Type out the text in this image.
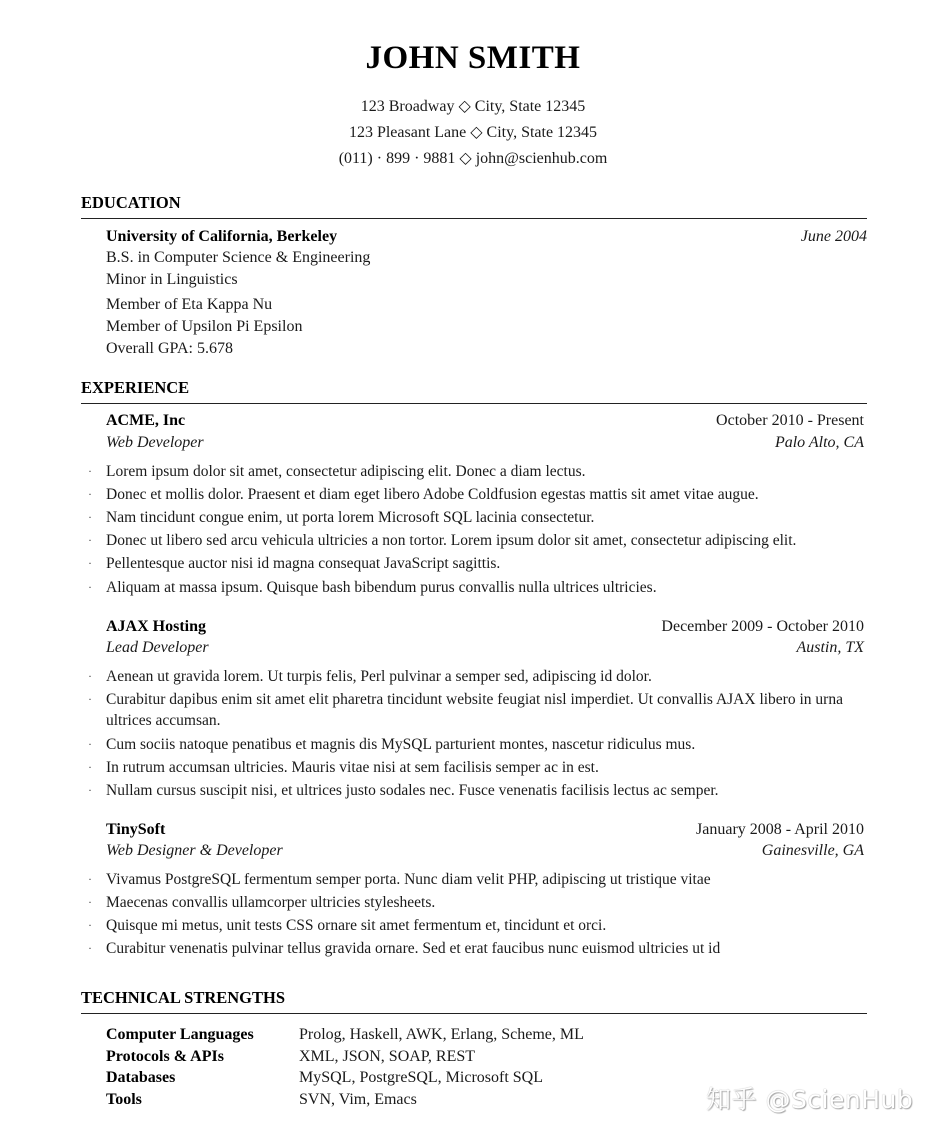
JOHN SMITH
123 Broadway ◇ City, State 12345
123 Pleasant Lane ◇ City, State 12345
(011) · 899 · 9881 ◇ john@scienhub.com
EDUCATION
University of California, Berkeley	June 2004
B.S. in Computer Science & Engineering
Minor in Linguistics
Member of Eta Kappa Nu
Member of Upsilon Pi Epsilon
Overall GPA: 5.678
EXPERIENCE
ACME, Inc	October 2010 - Present
Web Developer	Palo Alto, CA
· Lorem ipsum dolor sit amet, consectetur adipiscing elit. Donec a diam lectus.
· Donec et mollis dolor. Praesent et diam eget libero Adobe Coldfusion egestas mattis sit amet vitae augue.
· Nam tincidunt congue enim, ut porta lorem Microsoft SQL lacinia consectetur.
· Donec ut libero sed arcu vehicula ultricies a non tortor. Lorem ipsum dolor sit amet, consectetur adipiscing elit.
· Pellentesque auctor nisi id magna consequat JavaScript sagittis.
· Aliquam at massa ipsum. Quisque bash bibendum purus convallis nulla ultrices ultricies.
AJAX Hosting	December 2009 - October 2010
Lead Developer	Austin, TX
· Aenean ut gravida lorem. Ut turpis felis, Perl pulvinar a semper sed, adipiscing id dolor.
· Curabitur dapibus enim sit amet elit pharetra tincidunt website feugiat nisl imperdiet. Ut convallis AJAX libero in urna ultrices accumsan.
· Cum sociis natoque penatibus et magnis dis MySQL parturient montes, nascetur ridiculus mus.
· In rutrum accumsan ultricies. Mauris vitae nisi at sem facilisis semper ac in est.
· Nullam cursus suscipit nisi, et ultrices justo sodales nec. Fusce venenatis facilisis lectus ac semper.
TinySoft	January 2008 - April 2010
Web Designer & Developer	Gainesville, GA
· Vivamus PostgreSQL fermentum semper porta. Nunc diam velit PHP, adipiscing ut tristique vitae
· Maecenas convallis ullamcorper ultricies stylesheets.
· Quisque mi metus, unit tests CSS ornare sit amet fermentum et, tincidunt et orci.
· Curabitur venenatis pulvinar tellus gravida ornare. Sed et erat faucibus nunc euismod ultricies ut id
TECHNICAL STRENGTHS
Computer Languages	Prolog, Haskell, AWK, Erlang, Scheme, ML
Protocols & APIs	XML, JSON, SOAP, REST
Databases	MySQL, PostgreSQL, Microsoft SQL
Tools	SVN, Vim, Emacs	知乎 @ScienHub
